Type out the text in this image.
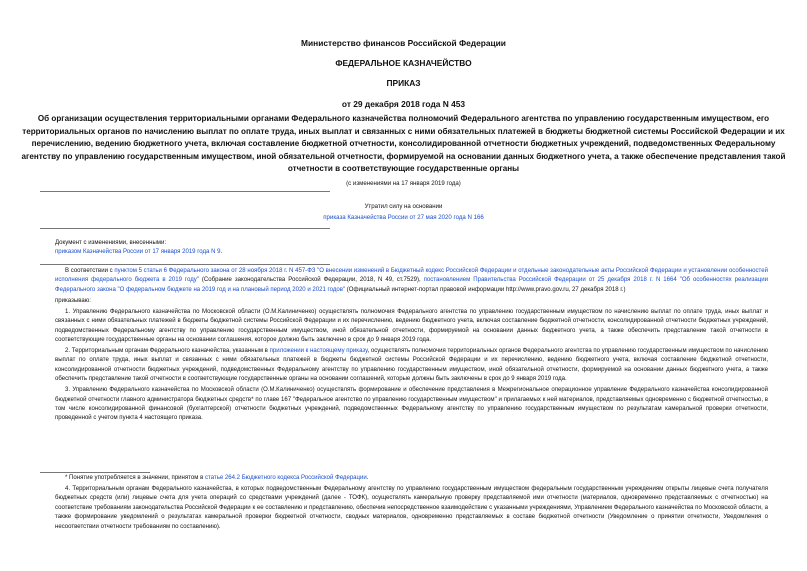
Министерство финансов Российской Федерации
ФЕДЕРАЛЬНОЕ КАЗНАЧЕЙСТВО
ПРИКАЗ
от 29 декабря 2018 года N 453
Об организации осуществления территориальными органами Федерального казначейства полномочий Федерального агентства по управлению государственным имуществом, его территориальных органов по начислению выплат по оплате труда, иных выплат и связанных с ними обязательных платежей в бюджеты бюджетной системы Российской Федерации и их перечислению, ведению бюджетного учета, включая составление бюджетной отчетности, консолидированной отчетности бюджетных учреждений, подведомственных Федеральному агентству по управлению государственным имуществом, иной обязательной отчетности, формируемой на основании данных бюджетного учета, а также обеспечение представления такой отчетности в соответствующие государственные органы
(с изменениями на 17 января 2019 года)
Утратил силу на основании
приказа Казначейства России от 27 мая 2020 года N 166
Документ с изменениями, внесенными:
приказом Казначейства России от 17 января 2019 года N 9.

В соответствии с пунктом 5 статьи 6 Федерального закона от 28 ноября 2018 г. N 457-ФЗ "О внесении изменений в Бюджетный кодекс Российской Федерации и отдельные законодательные акты Российской Федерации и установлении особенностей исполнения федерального бюджета в 2019 году" (Собрание законодательства Российской Федерации, 2018, N 49, ст.7529), постановлением Правительства Российской Федерации от 25 декабря 2018 г. N 1664 "Об особенностях реализации Федерального закона "О федеральном бюджете на 2019 год и на плановый период 2020 и 2021 годов" (Официальный интернет-портал правовой информации http://www.pravo.gov.ru, 27 декабря 2018 г.)

приказываю:

1. Управлению Федерального казначейства по Московской области (О.М.Калиниченко) осуществлять полномочия Федерального агентства по управлению государственным имуществом по начислению выплат по оплате труда, иных выплат и связанных с ними обязательных платежей в бюджеты бюджетной системы Российской Федерации и их перечислению, ведению бюджетного учета, включая составление бюджетной отчетности, консолидированной отчетности бюджетных учреждений, подведомственных Федеральному агентству по управлению государственным имуществом, иной обязательной отчетности, формируемой на основании данных бюджетного учета, а также обеспечить представление такой отчетности в соответствующие государственные органы на основании соглашения, которое должно быть заключено в срок до 9 января 2019 года.

2. Территориальным органам Федерального казначейства, указанным в приложении к настоящему приказу, осуществлять полномочия территориальных органов Федерального агентства по управлению государственным имуществом по начислению выплат по оплате труда, иных выплат и связанных с ними обязательных платежей в бюджеты бюджетной системы Российской Федерации и их перечислению, ведению бюджетного учета, включая составление бюджетной отчетности, консолидированной отчетности бюджетных учреждений, подведомственных Федеральному агентству по управлению государственным имуществом, иной обязательной отчетности, формируемой на основании данных бюджетного учета, а также обеспечить представление такой отчетности в соответствующие государственные органы на основании соглашений, которые должны быть заключены в срок до 9 января 2019 года.

3. Управлению Федерального казначейства по Московской области (О.М.Калиниченко) осуществлять формирование и обеспечение представления в Межрегиональное операционное управление Федерального казначейства консолидированной бюджетной отчетности главного администратора бюджетных средств* по главе 167 "Федеральное агентство по управлению государственным имуществом" и прилагаемых к ней материалов, представляемых одновременно с бюджетной отчетностью, в том числе консолидированной финансовой (бухгалтерской) отчетности бюджетных учреждений, подведомственных Федеральному агентству по управлению государственным имуществом по результатам камеральной проверки отчетности, проведенной с учетом пункта 4 настоящего приказа.

* Понятие употребляется в значении, принятом в статье 264.2 Бюджетного кодекса Российской Федерации.

4. Территориальным органам Федерального казначейства, в которых подведомственным Федеральному агентству по управлению государственным имуществом федеральным государственным учреждениям открыты лицевые счета получателя бюджетных средств (или) лицевые счета для учета операций со средствами учреждений (далее - ТОФК), осуществлять камеральную проверку представляемой ими отчетности (материалов, одновременно представляемых с отчетностью) на соответствие требованиям законодательства Российской Федерации к ее составлению и представлению, обеспечив непосредственное взаимодействие с указанными учреждениями, Управлением Федерального казначейства по Московской области, а также формирование уведомлений о результатах камеральной проверки бюджетной отчетности, сводных материалов, одновременно представляемых в составе бюджетной отчетности (Уведомление о принятии отчетности, Уведомления о несоответствии отчетности требованиям по составлению).
